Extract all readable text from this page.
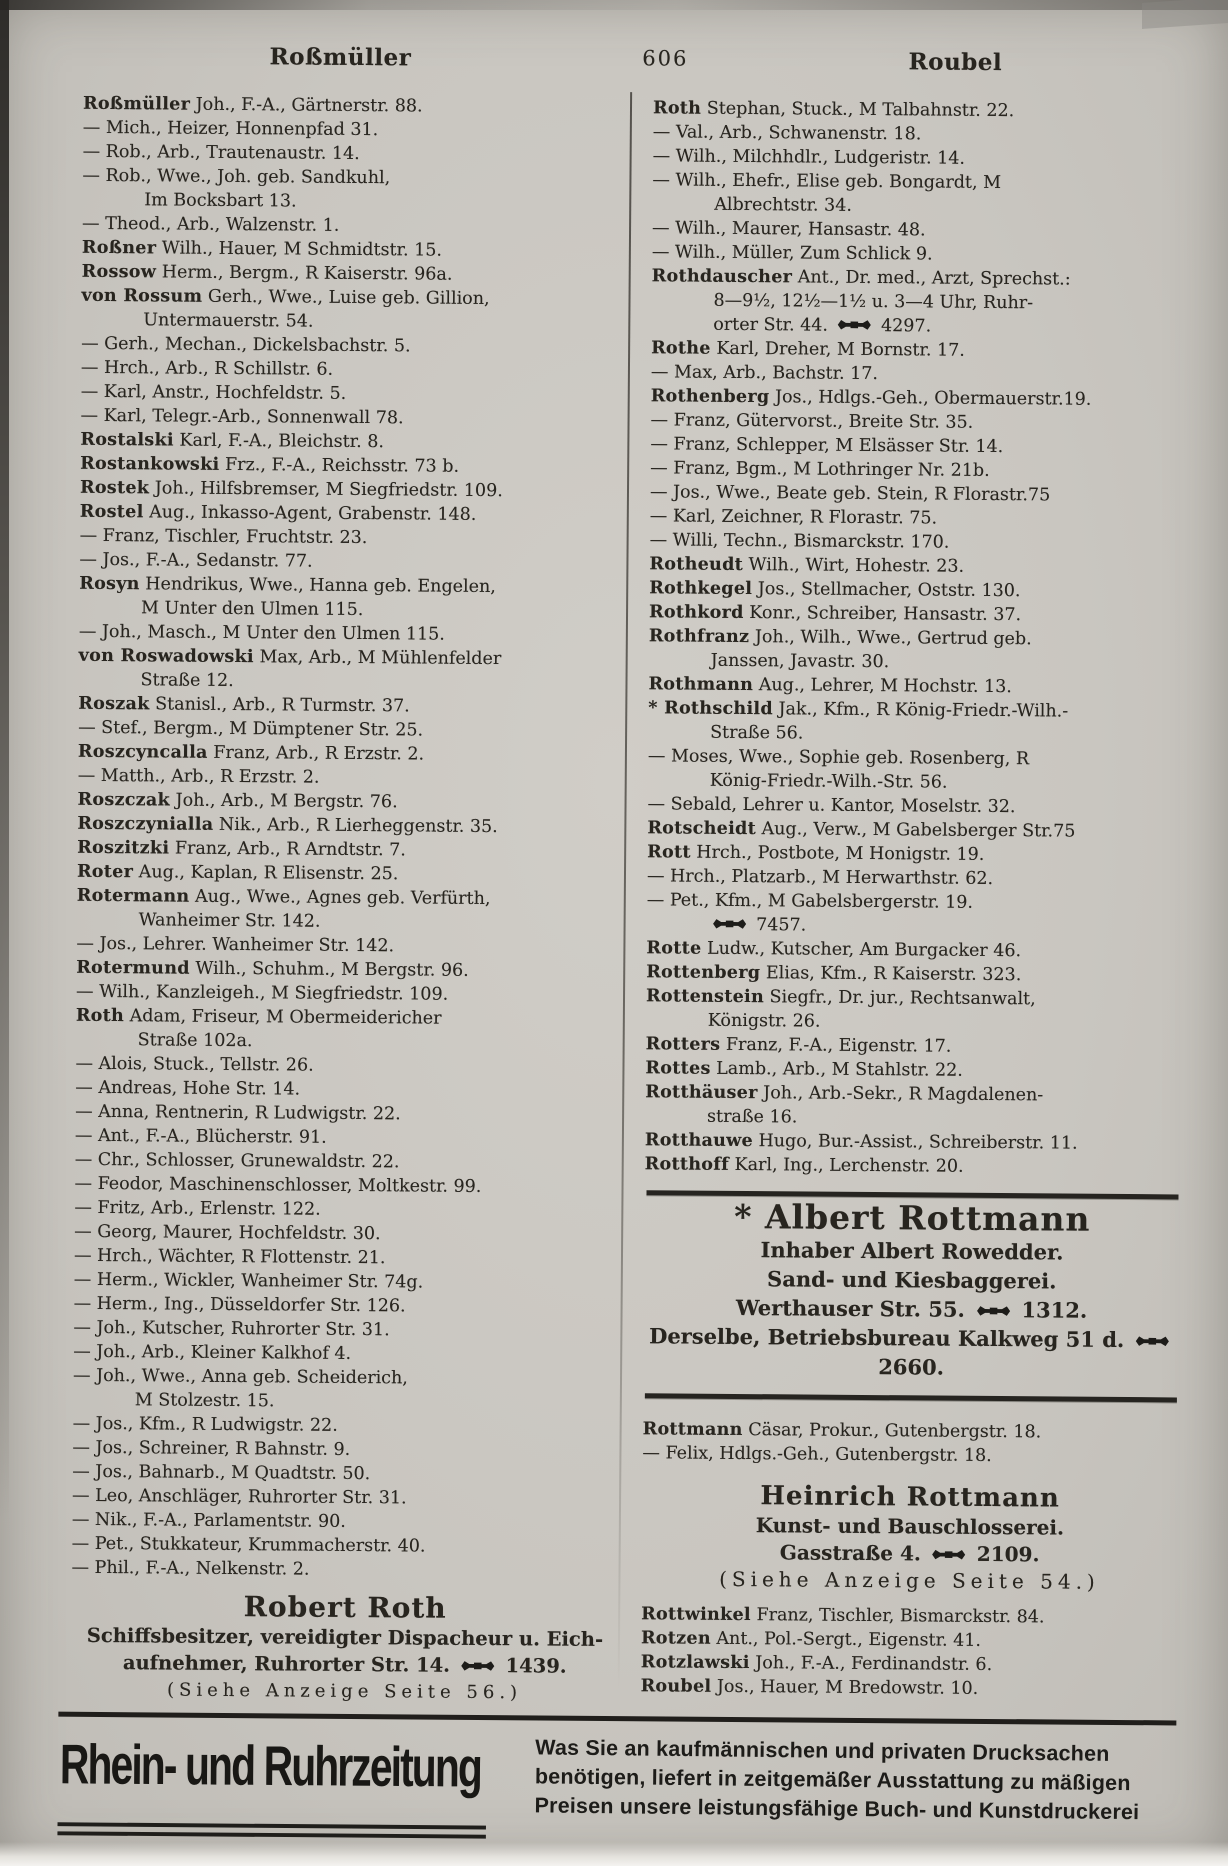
Roßmüller	606	Roubel
Roßmüller Joh., F.-A., Gärtnerstr. 88.
— Mich., Heizer, Honnenpfad 31.
— Rob., Arb., Trautenaustr. 14.
— Rob., Wwe., Joh. geb. Sandkuhl,
Im Bocksbart 13.
— Theod., Arb., Walzenstr. 1.
Roßner Wilh., Hauer, M Schmidtstr. 15.
Rossow Herm., Bergm., R Kaiserstr. 96a.
von Rossum Gerh., Wwe., Luise geb. Gillion,
Untermauerstr. 54.
— Gerh., Mechan., Dickelsbachstr. 5.
— Hrch., Arb., R Schillstr. 6.
— Karl, Anstr., Hochfeldstr. 5.
— Karl, Telegr.-Arb., Sonnenwall 78.
Rostalski Karl, F.-A., Bleichstr. 8.
Rostankowski Frz., F.-A., Reichsstr. 73 b.
Rostek Joh., Hilfsbremser, M Siegfriedstr. 109.
Rostel Aug., Inkasso-Agent, Grabenstr. 148.
— Franz, Tischler, Fruchtstr. 23.
— Jos., F.-A., Sedanstr. 77.
Rosyn Hendrikus, Wwe., Hanna geb. Engelen,
M Unter den Ulmen 115.
— Joh., Masch., M Unter den Ulmen 115.
von Roswadowski Max, Arb., M Mühlenfelder
Straße 12.
Roszak Stanisl., Arb., R Turmstr. 37.
— Stef., Bergm., M Dümptener Str. 25.
Roszcyncalla Franz, Arb., R Erzstr. 2.
— Matth., Arb., R Erzstr. 2.
Roszczak Joh., Arb., M Bergstr. 76.
Roszczynialla Nik., Arb., R Lierheggenstr. 35.
Roszitzki Franz, Arb., R Arndtstr. 7.
Roter Aug., Kaplan, R Elisenstr. 25.
Rotermann Aug., Wwe., Agnes geb. Verfürth,
Wanheimer Str. 142.
— Jos., Lehrer. Wanheimer Str. 142.
Rotermund Wilh., Schuhm., M Bergstr. 96.
— Wilh., Kanzleigeh., M Siegfriedstr. 109.
Roth Adam, Friseur, M Obermeidericher
Straße 102a.
— Alois, Stuck., Tellstr. 26.
— Andreas, Hohe Str. 14.
— Anna, Rentnerin, R Ludwigstr. 22.
— Ant., F.-A., Blücherstr. 91.
— Chr., Schlosser, Grunewaldstr. 22.
— Feodor, Maschinenschlosser, Moltkestr. 99.
— Fritz, Arb., Erlenstr. 122.
— Georg, Maurer, Hochfeldstr. 30.
— Hrch., Wächter, R Flottenstr. 21.
— Herm., Wickler, Wanheimer Str. 74g.
— Herm., Ing., Düsseldorfer Str. 126.
— Joh., Kutscher, Ruhrorter Str. 31.
— Joh., Arb., Kleiner Kalkhof 4.
— Joh., Wwe., Anna geb. Scheiderich,
M Stolzestr. 15.
— Jos., Kfm., R Ludwigstr. 22.
— Jos., Schreiner, R Bahnstr. 9.
— Jos., Bahnarb., M Quadtstr. 50.
— Leo, Anschläger, Ruhrorter Str. 31.
— Nik., F.-A., Parlamentstr. 90.
— Pet., Stukkateur, Krummacherstr. 40.
— Phil., F.-A., Nelkenstr. 2.
Robert Roth
Schiffsbesitzer, vereidigter Dispacheur u. Eich-
aufnehmer, Ruhrorter Str. 14.  1439.
(Siehe Anzeige Seite 56.)
Roth Stephan, Stuck., M Talbahnstr. 22.
— Val., Arb., Schwanenstr. 18.
— Wilh., Milchhdlr., Ludgeristr. 14.
— Wilh., Ehefr., Elise geb. Bongardt, M
Albrechtstr. 34.
— Wilh., Maurer, Hansastr. 48.
— Wilh., Müller, Zum Schlick 9.
Rothdauscher Ant., Dr. med., Arzt, Sprechst.:
8—9½, 12½—1½ u. 3—4 Uhr, Ruhr-
orter Str. 44.  4297.
Rothe Karl, Dreher, M Bornstr. 17.
— Max, Arb., Bachstr. 17.
Rothenberg Jos., Hdlgs.-Geh., Obermauerstr.19.
— Franz, Gütervorst., Breite Str. 35.
— Franz, Schlepper, M Elsässer Str. 14.
— Franz, Bgm., M Lothringer Nr. 21b.
— Jos., Wwe., Beate geb. Stein, R Florastr.75
— Karl, Zeichner, R Florastr. 75.
— Willi, Techn., Bismarckstr. 170.
Rotheudt Wilh., Wirt, Hohestr. 23.
Rothkegel Jos., Stellmacher, Oststr. 130.
Rothkord Konr., Schreiber, Hansastr. 37.
Rothfranz Joh., Wilh., Wwe., Gertrud geb.
Janssen, Javastr. 30.
Rothmann Aug., Lehrer, M Hochstr. 13.
* Rothschild Jak., Kfm., R König-Friedr.-Wilh.-
Straße 56.
— Moses, Wwe., Sophie geb. Rosenberg, R
König-Friedr.-Wilh.-Str. 56.
— Sebald, Lehrer u. Kantor, Moselstr. 32.
Rotscheidt Aug., Verw., M Gabelsberger Str.75
Rott Hrch., Postbote, M Honigstr. 19.
— Hrch., Platzarb., M Herwarthstr. 62.
— Pet., Kfm., M Gabelsbergerstr. 19.
7457.
Rotte Ludw., Kutscher, Am Burgacker 46.
Rottenberg Elias, Kfm., R Kaiserstr. 323.
Rottenstein Siegfr., Dr. jur., Rechtsanwalt,
Königstr. 26.
Rotters Franz, F.-A., Eigenstr. 17.
Rottes Lamb., Arb., M Stahlstr. 22.
Rotthäuser Joh., Arb.-Sekr., R Magdalenen-
straße 16.
Rotthauwe Hugo, Bur.-Assist., Schreiberstr. 11.
Rotthoff Karl, Ing., Lerchenstr. 20.
* Albert Rottmann
Inhaber Albert Rowedder.
Sand- und Kiesbaggerei.
Werthauser Str. 55.  1312.
Derselbe, Betriebsbureau Kalkweg 51 d.  2660.
Rottmann Cäsar, Prokur., Gutenbergstr. 18.
— Felix, Hdlgs.-Geh., Gutenbergstr. 18.
Heinrich Rottmann
Kunst- und Bauschlosserei.
Gasstraße 4.  2109.
(Siehe Anzeige Seite 54.)
Rottwinkel Franz, Tischler, Bismarckstr. 84.
Rotzen Ant., Pol.-Sergt., Eigenstr. 41.
Rotzlawski Joh., F.-A., Ferdinandstr. 6.
Roubel Jos., Hauer, M Bredowstr. 10.
Rhein- und Ruhrzeitung	Was Sie an kaufmännischen und privaten Drucksachen
benötigen, liefert in zeitgemäßer Ausstattung zu mäßigen
Preisen unsere leistungsfähige Buch- und Kunstdruckerei
